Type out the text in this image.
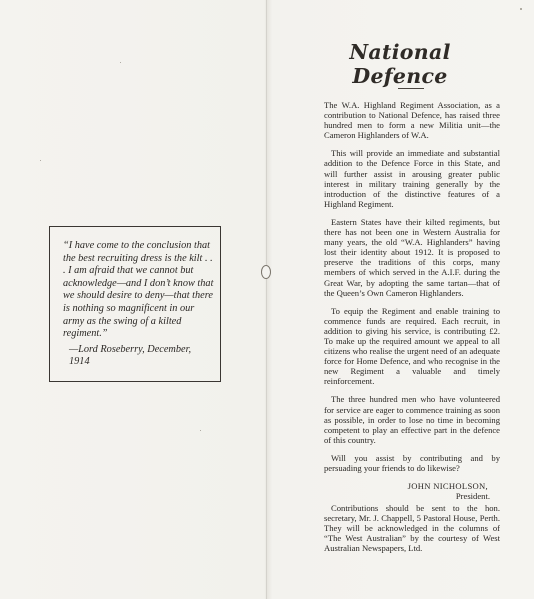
“I have come to the conclusion that the best recruiting dress is the kilt . . . I am afraid that we cannot but acknowledge—and I don’t know that we should desire to deny—that there is nothing so magnificent in our army as the swing of a kilted regiment.”

—Lord Roseberry, December, 1914

National Defence

The W.A. Highland Regiment Association, as a contribution to National Defence, has raised three hundred men to form a new Militia unit—the Cameron Highlanders of W.A.

This will provide an immediate and substantial addition to the Defence Force in this State, and will further assist in arousing greater public interest in military training generally by the introduction of the distinctive features of a Highland Regiment.

Eastern States have their kilted regiments, but there has not been one in Western Australia for many years, the old “W.A. Highlanders” having lost their identity about 1912. It is proposed to preserve the traditions of this corps, many members of which served in the A.I.F. during the Great War, by adopting the same tartan—that of the Queen’s Own Cameron Highlanders.

To equip the Regiment and enable training to commence funds are required. Each recruit, in addition to giving his service, is contributing £2. To make up the required amount we appeal to all citizens who realise the urgent need of an adequate force for Home Defence, and who recognise in the new Regiment a valuable and timely reinforcement.

The three hundred men who have volunteered for service are eager to commence training as soon as possible, in order to lose no time in becoming competent to play an effective part in the defence of this country.

Will you assist by contributing and by persuading your friends to do likewise?

JOHN NICHOLSON,
President.

Contributions should be sent to the hon. secretary, Mr. J. Chappell, 5 Pastoral House, Perth. They will be acknowledged in the columns of “The West Australian” by the courtesy of West Australian Newspapers, Ltd.
